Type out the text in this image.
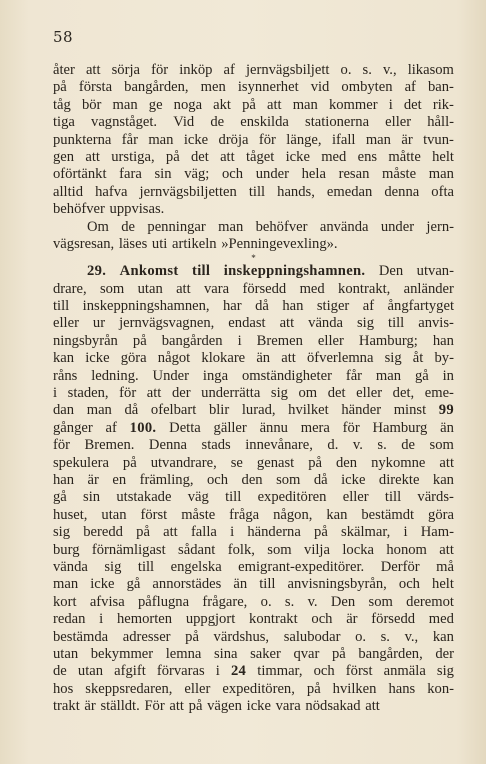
58
åter att sörja för inköp af jernvägsbiljett o. s. v., likasom
på första bangården, men isynnerhet vid ombyten af ban-
tåg bör man ge noga akt på att man kommer i det rik-
tiga vagnståget. Vid de enskilda stationerna eller håll-
punkterna får man icke dröja för länge, ifall man är tvun-
gen att urstiga, på det att tåget icke med ens måtte helt
oförtänkt fara sin väg; och under hela resan måste man
alltid hafva jernvägsbiljetten till hands, emedan denna ofta
behöfver uppvisas.
Om de penningar man behöfver använda under jern-
vägsresan, läses uti artikeln »Penningevexling».
*
29. Ankomst till inskeppningshamnen. Den utvan-
drare, som utan att vara försedd med kontrakt, anländer
till inskeppningshamnen, har då han stiger af ångfartyget
eller ur jernvägsvagnen, endast att vända sig till anvis-
ningsbyrån på bangården i Bremen eller Hamburg; han
kan icke göra något klokare än att öfverlemna sig åt by-
råns ledning. Under inga omständigheter får man gå in
i staden, för att der underrätta sig om det eller det, eme-
dan man då ofelbart blir lurad, hvilket händer minst 99
gånger af 100. Detta gäller ännu mera för Hamburg än
för Bremen. Denna stads innevånare, d. v. s. de som
spekulera på utvandrare, se genast på den nykomne att
han är en främling, och den som då icke direkte kan
gå sin utstakade väg till expeditören eller till värds-
huset, utan först måste fråga någon, kan bestämdt göra
sig beredd på att falla i händerna på skälmar, i Ham-
burg förnämligast sådant folk, som vilja locka honom att
vända sig till engelska emigrant-expeditörer. Derför må
man icke gå annorstädes än till anvisningsbyrån, och helt
kort afvisa påflugna frågare, o. s. v. Den som deremot
redan i hemorten uppgjort kontrakt och är försedd med
bestämda adresser på värdshus, salubodar o. s. v., kan
utan bekymmer lemna sina saker qvar på bangården, der
de utan afgift förvaras i 24 timmar, och först anmäla sig
hos skeppsredaren, eller expeditören, på hvilken hans kon-
trakt är ställdt. För att på vägen icke vara nödsakad att
